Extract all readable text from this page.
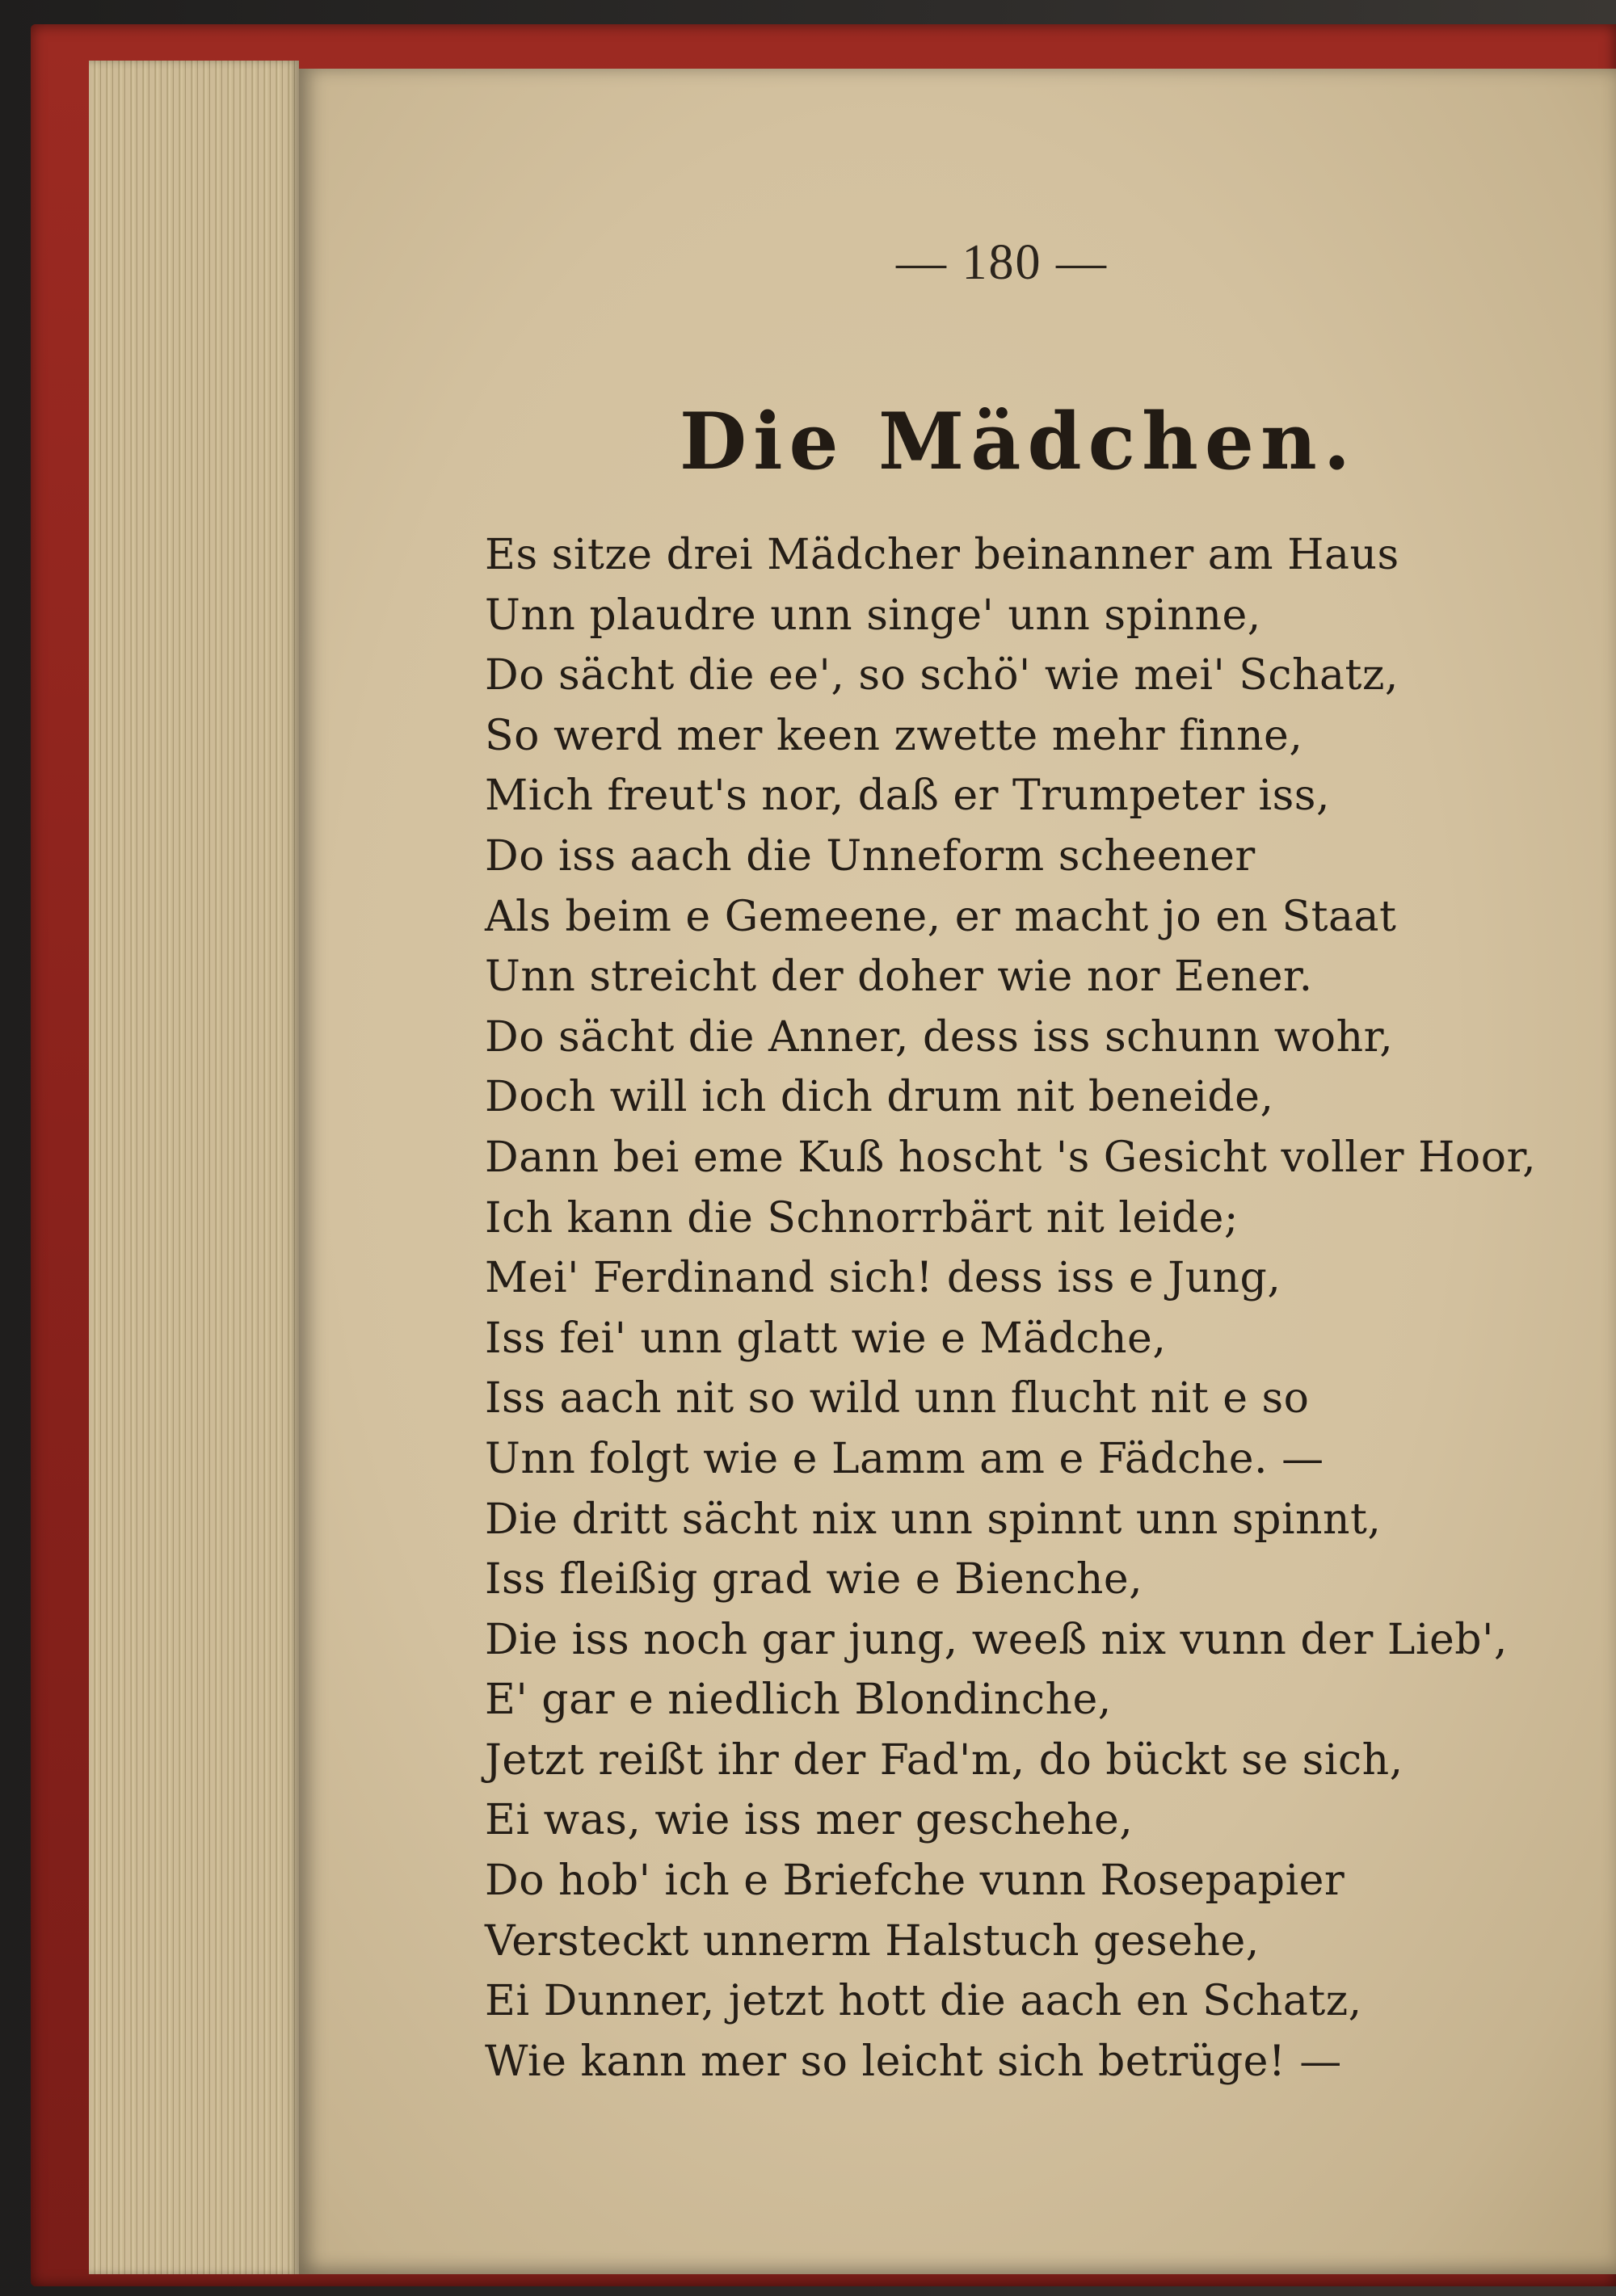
— 180 —
Die Mädchen.
Es sitze drei Mädcher beinanner am Haus
Unn plaudre unn singe' unn spinne,
Do sächt die ee', so schö' wie mei' Schatz,
So werd mer keen zwette mehr finne,
Mich freut's nor, daß er Trumpeter iss,
Do iss aach die Unneform scheener
Als beim e Gemeene, er macht jo en Staat
Unn streicht der doher wie nor Eener.
Do sächt die Anner, dess iss schunn wohr,
Doch will ich dich drum nit beneide,
Dann bei eme Kuß hoscht 's Gesicht voller Hoor,
Ich kann die Schnorrbärt nit leide;
Mei' Ferdinand sich! dess iss e Jung,
Iss fei' unn glatt wie e Mädche,
Iss aach nit so wild unn flucht nit e so
Unn folgt wie e Lamm am e Fädche. —
Die dritt sächt nix unn spinnt unn spinnt,
Iss fleißig grad wie e Bienche,
Die iss noch gar jung, weeß nix vunn der Lieb',
E' gar e niedlich Blondinche,
Jetzt reißt ihr der Fad'm, do bückt se sich,
Ei was, wie iss mer geschehe,
Do hob' ich e Briefche vunn Rosepapier
Versteckt unnerm Halstuch gesehe,
Ei Dunner, jetzt hott die aach en Schatz,
Wie kann mer so leicht sich betrüge! —
